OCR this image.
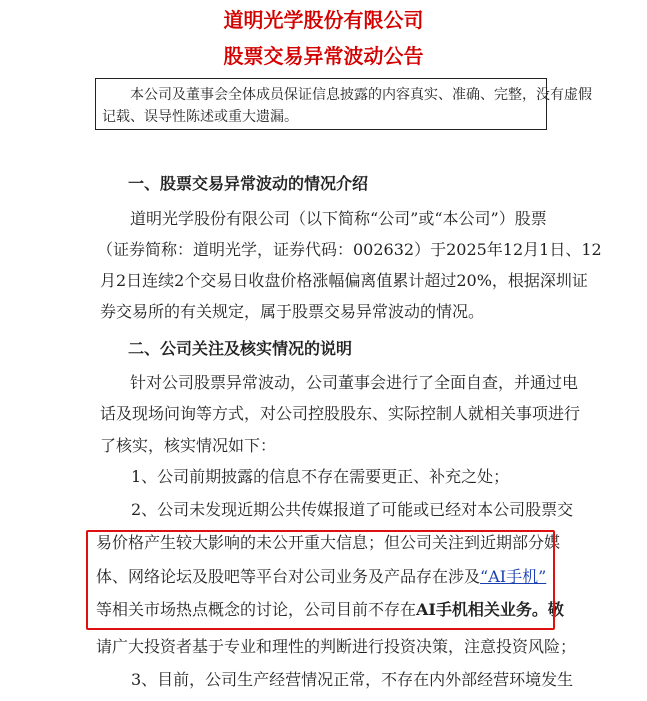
道明光学股份有限公司
股票交易异常波动公告
本公司及董事会全体成员保证信息披露的内容真实、准确、完整，没有虚假
记载、误导性陈述或重大遗漏。
一、股票交易异常波动的情况介绍
道明光学股份有限公司（以下简称“公司”或“本公司”）股票
（证券简称：道明光学，证券代码：002632）于2025年12月1日、12
月2日连续2个交易日收盘价格涨幅偏离值累计超过20%，根据深圳证
券交易所的有关规定，属于股票交易异常波动的情况。
二、公司关注及核实情况的说明
针对公司股票异常波动，公司董事会进行了全面自查，并通过电
话及现场问询等方式，对公司控股股东、实际控制人就相关事项进行
了核实，核实情况如下：
1、公司前期披露的信息不存在需要更正、补充之处；
2、公司未发现近期公共传媒报道了可能或已经对本公司股票交
易价格产生较大影响的未公开重大信息；但公司关注到近期部分媒
体、网络论坛及股吧等平台对公司业务及产品存在涉及“AI手机”
等相关市场热点概念的讨论，公司目前不存在AI手机相关业务。敬
请广大投资者基于专业和理性的判断进行投资决策，注意投资风险；
3、目前，公司生产经营情况正常，不存在内外部经营环境发生
